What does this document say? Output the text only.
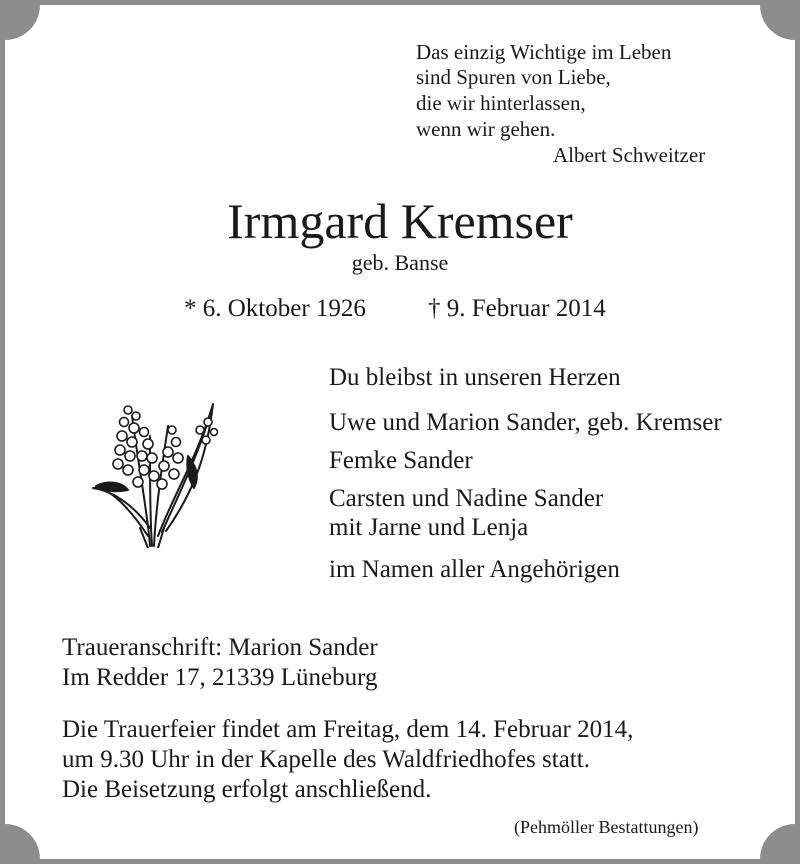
Das einzig Wichtige im Leben
sind Spuren von Liebe,
die wir hinterlassen,
wenn wir gehen.
Albert Schweitzer
Irmgard Kremser
geb. Banse
* 6. Oktober 1926 † 9. Februar 2014
Du bleibst in unseren Herzen
Uwe und Marion Sander, geb. Kremser
Femke Sander
Carsten und Nadine Sander
mit Jarne und Lenja
im Namen aller Angehörigen
Traueranschrift: Marion Sander
Im Redder 17, 21339 Lüneburg
Die Trauerfeier findet am Freitag, dem 14. Februar 2014,
um 9.30 Uhr in der Kapelle des Waldfriedhofes statt.
Die Beisetzung erfolgt anschließend.
(Pehmöller Bestattungen)
